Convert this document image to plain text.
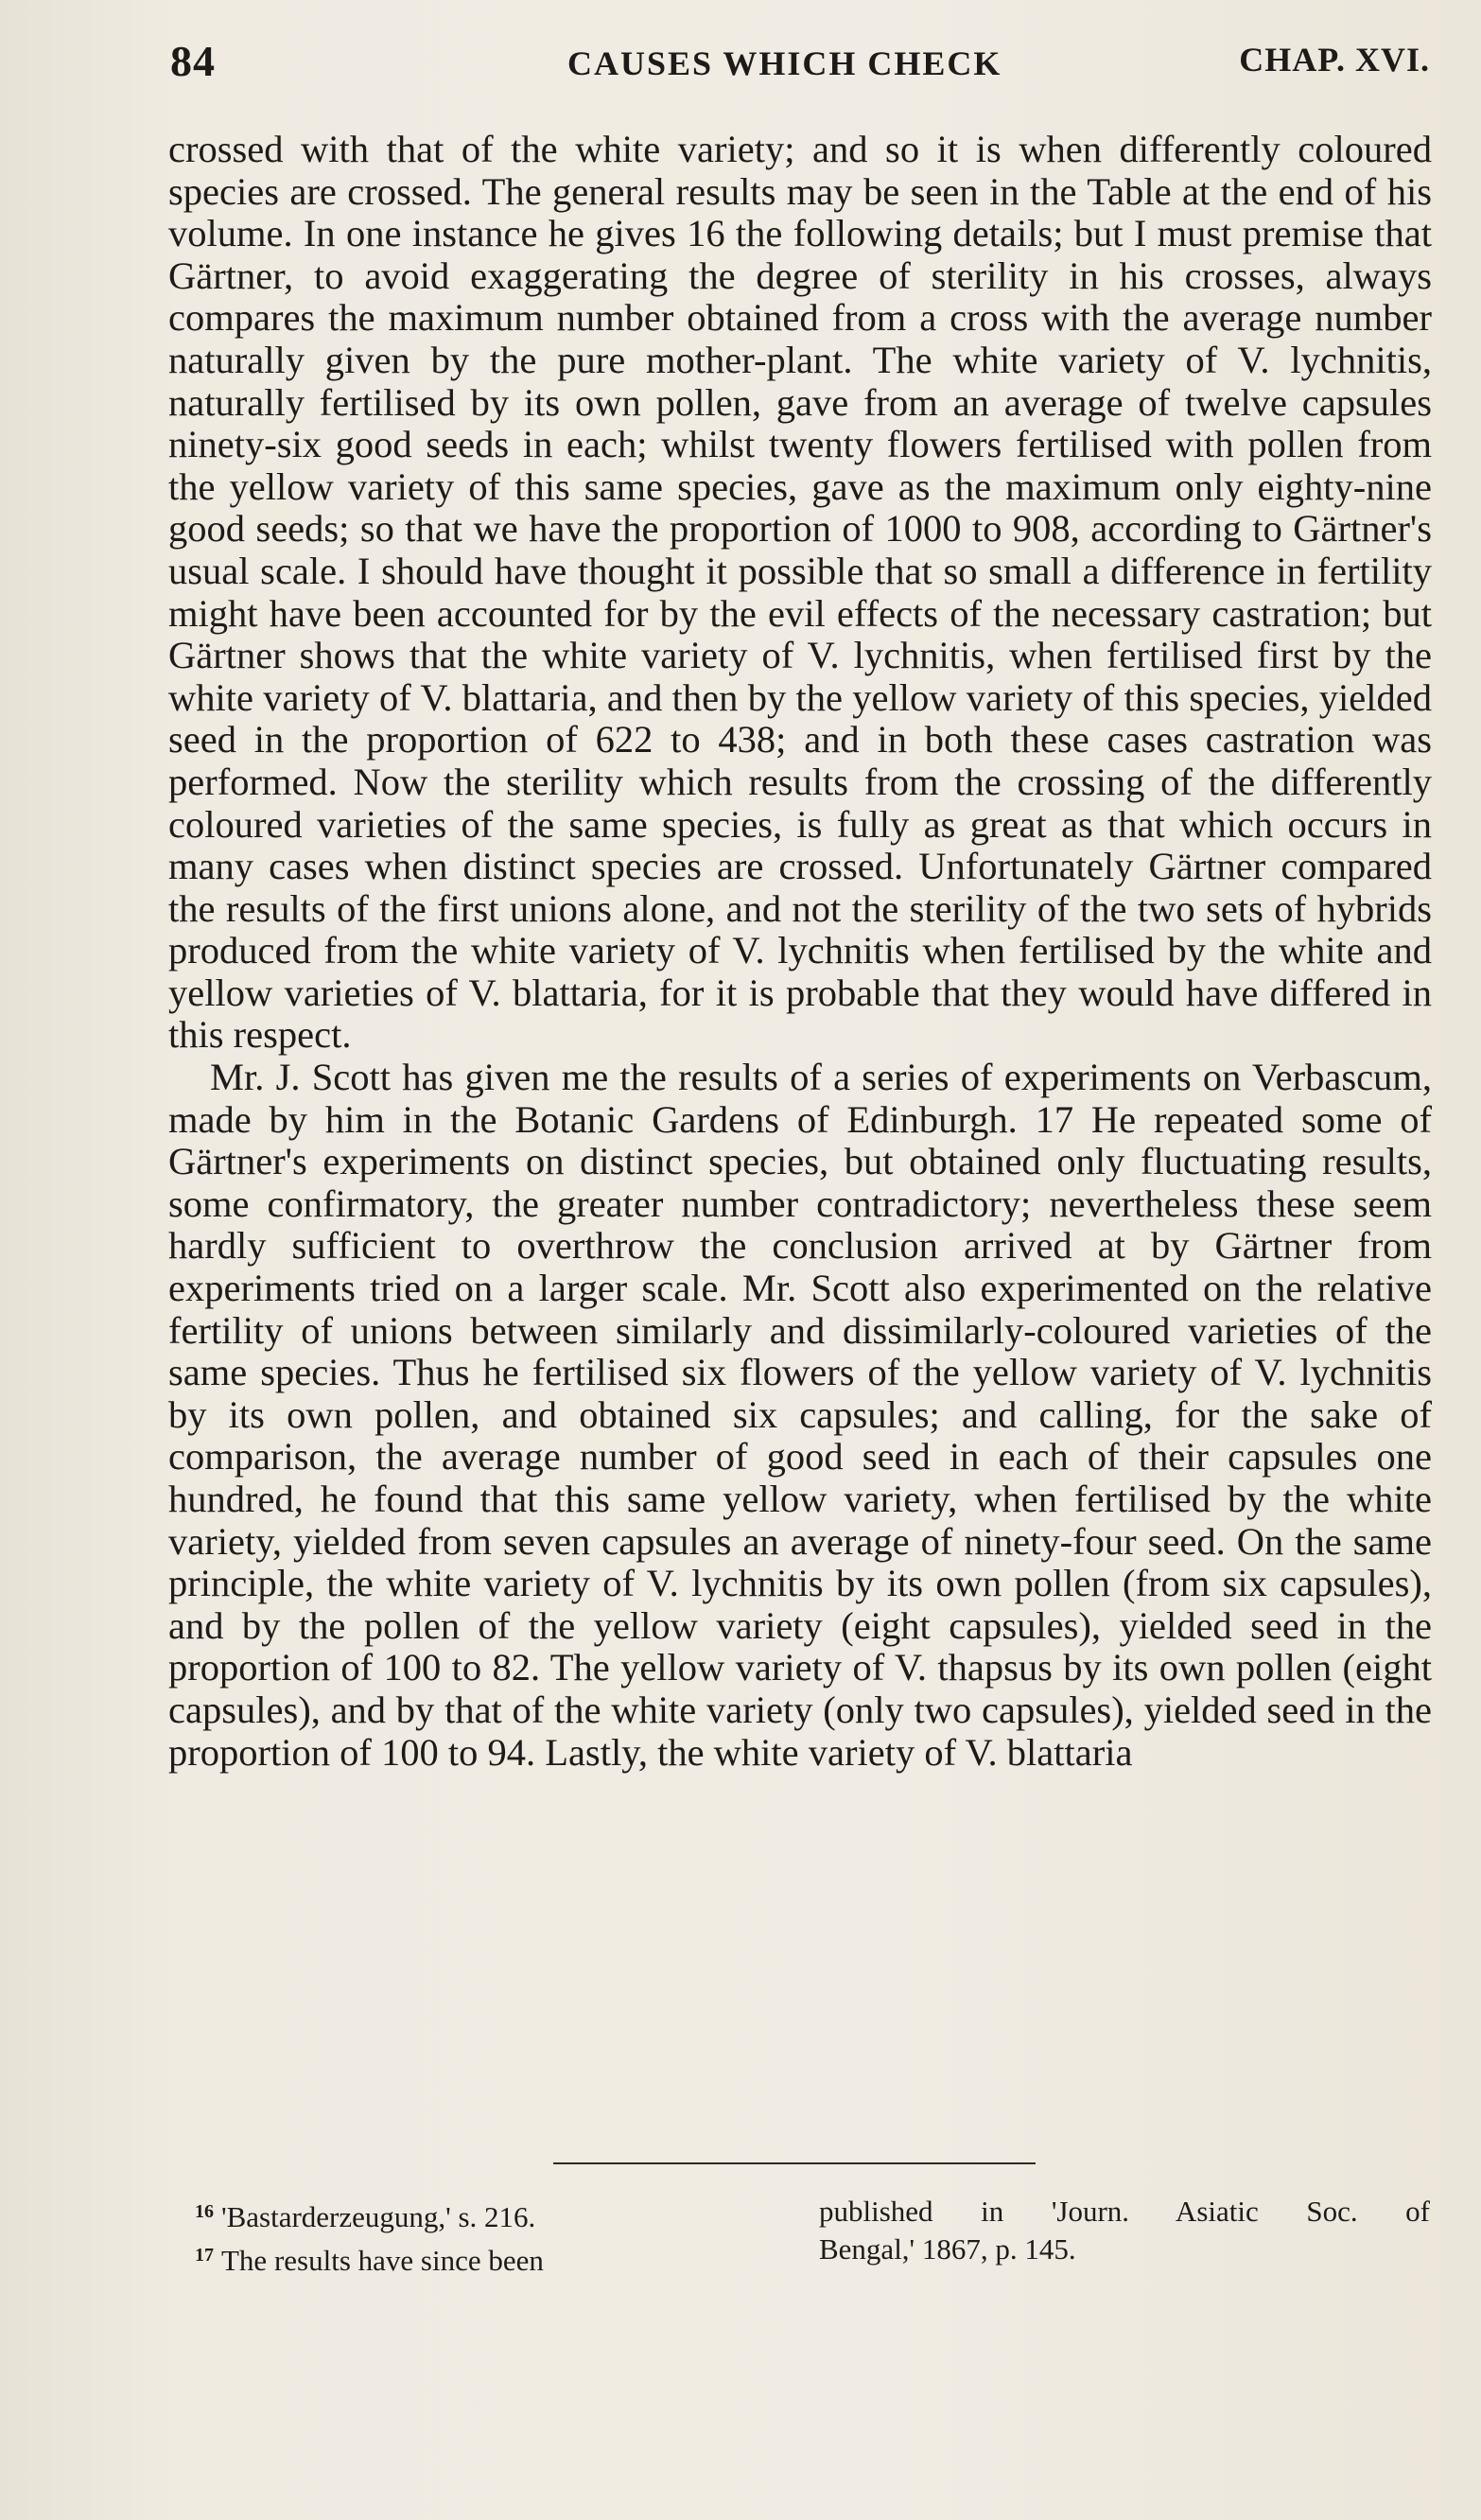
84	CAUSES WHICH CHECK	CHAP. XVI.

crossed with that of the white variety; and so it is when differently coloured species are crossed. The general results may be seen in the Table at the end of his volume. In one instance he gives 16 the following details; but I must premise that Gärtner, to avoid exaggerating the degree of sterility in his crosses, always compares the maximum number obtained from a cross with the average number naturally given by the pure mother-plant. The white variety of V. lychnitis, naturally fertilised by its own pollen, gave from an average of twelve capsules ninety-six good seeds in each; whilst twenty flowers fertilised with pollen from the yellow variety of this same species, gave as the maximum only eighty-nine good seeds; so that we have the proportion of 1000 to 908, according to Gärtner's usual scale. I should have thought it possible that so small a difference in fertility might have been accounted for by the evil effects of the necessary castration; but Gärtner shows that the white variety of V. lychnitis, when fertilised first by the white variety of V. blattaria, and then by the yellow variety of this species, yielded seed in the proportion of 622 to 438; and in both these cases castration was performed. Now the sterility which results from the crossing of the differently coloured varieties of the same species, is fully as great as that which occurs in many cases when distinct species are crossed. Unfortunately Gärtner compared the results of the first unions alone, and not the sterility of the two sets of hybrids produced from the white variety of V. lychnitis when fertilised by the white and yellow varieties of V. blattaria, for it is probable that they would have differed in this respect.

Mr. J. Scott has given me the results of a series of experiments on Verbascum, made by him in the Botanic Gardens of Edinburgh. 17 He repeated some of Gärtner's experiments on distinct species, but obtained only fluctuating results, some confirmatory, the greater number contradictory; nevertheless these seem hardly sufficient to overthrow the conclusion arrived at by Gärtner from experiments tried on a larger scale. Mr. Scott also experimented on the relative fertility of unions between similarly and dissimilarly-coloured varieties of the same species. Thus he fertilised six flowers of the yellow variety of V. lychnitis by its own pollen, and obtained six capsules; and calling, for the sake of comparison, the average number of good seed in each of their capsules one hundred, he found that this same yellow variety, when fertilised by the white variety, yielded from seven capsules an average of ninety-four seed. On the same principle, the white variety of V. lychnitis by its own pollen (from six capsules), and by the pollen of the yellow variety (eight capsules), yielded seed in the proportion of 100 to 82. The yellow variety of V. thapsus by its own pollen (eight capsules), and by that of the white variety (only two capsules), yielded seed in the proportion of 100 to 94. Lastly, the white variety of V. blattaria

$^{16}$ 'Bastarderzeugung,' s. 216.
$^{17}$ The results have since been
published in 'Journ. Asiatic Soc. of
Bengal,' 1867, p. 145.
